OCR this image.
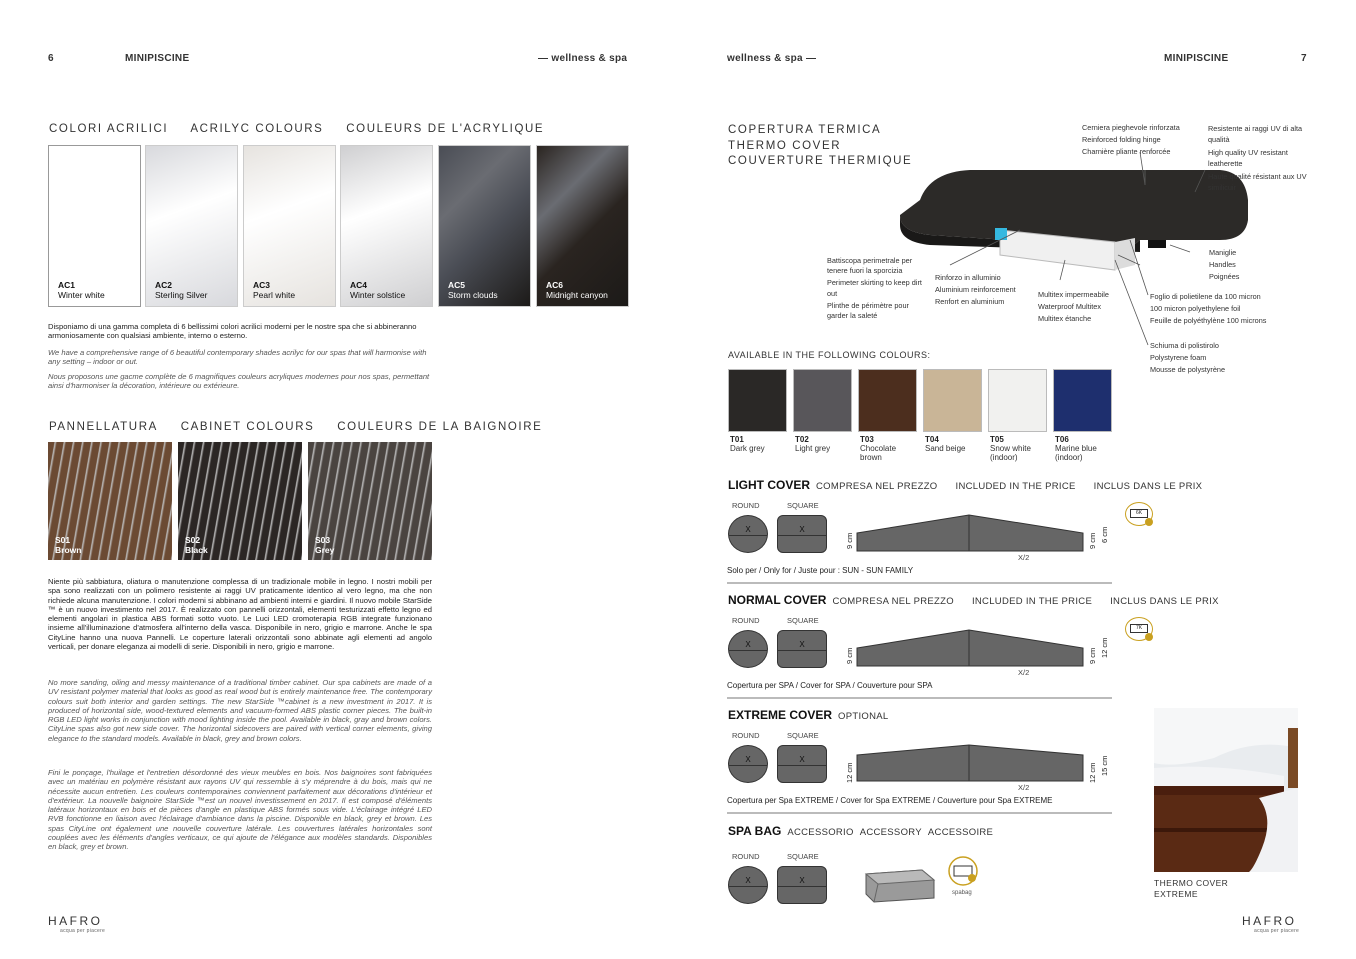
6	MINIPISCINE	— wellness & spa
COLORI ACRILICI ACRILYC COLOURS COULEURS DE L'ACRYLIQUE
AC1
Winter white
AC2
Sterling Silver
AC3
Pearl white
AC4
Winter solstice
AC5
Storm clouds
AC6
Midnight canyon
Disponiamo di una gamma completa di 6 bellissimi colori acrilici moderni per le nostre spa che si abbineranno armoniosamente con qualsiasi ambiente, interno o esterno.
We have a comprehensive range of 6 beautiful contemporary shades acrilyc for our spas that will harmonise with any setting – indoor or out.
Nous proposons une gacme complète de 6 magnifiques couleurs acryliques modernes pour nos spas, permettant ainsi d'harmoniser la décoration, intérieure ou extérieure.
PANNELLATURA CABINET COLOURS COULEURS DE LA BAIGNOIRE
S01
Brown
S02
Black
S03
Grey
Niente più sabbiatura, oliatura o manutenzione complessa di un tradizionale mobile in legno. I nostri mobili per spa sono realizzati con un polimero resistente ai raggi UV praticamente identico al vero legno, ma che non richiede alcuna manutenzione. I colori moderni si abbinano ad ambienti interni e giardini. Il nuovo mobile StarSide ™ è un nuovo investimento nel 2017. È realizzato con pannelli orizzontali, elementi testurizzati effetto legno ed elementi angolari in plastica ABS formati sotto vuoto. Le Luci LED cromoterapia RGB integrate funzionano insieme all'illuminazione d'atmosfera all'interno della vasca. Disponibile in nero, grigio e marrone. Anche le spa CityLine hanno una nuova Pannelli. Le coperture laterali orizzontali sono abbinate agli elementi ad angolo verticali, per donare eleganza ai modelli di serie. Disponibili in nero, grigio e marrone.
No more sanding, oiling and messy maintenance of a traditional timber cabinet. Our spa cabinets are made of a UV resistant polymer material that looks as good as real wood but is entirely maintenance free. The contemporary colours suit both interior and garden settings. The new StarSide ™cabinet is a new investment in 2017. It is produced of horizontal side, wood-textured elements and vacuum-formed ABS plastic corner pieces. The built-in RGB LED light works in conjunction with mood lighting inside the pool. Available in black, gray and brown colors. CityLine spas also got new side cover. The horizontal sidecovers are paired with vertical corner elements, giving elegance to the standard models. Available in black, grey and brown colors.
Fini le ponçage, l'huilage et l'entretien désordonné des vieux meubles en bois. Nos baignoires sont fabriquées avec un matériau en polymère résistant aux rayons UV qui ressemble à s'y méprendre à du bois, mais qui ne nécessite aucun entretien. Les couleurs contemporaines conviennent parfaitement aux décorations d'intérieur et d'extérieur. La nouvelle baignoire StarSide ™est un nouvel investissement en 2017. Il est composé d'éléments latéraux horizontaux en bois et de pièces d'angle en plastique ABS formés sous vide. L'éclairage intégré LED RVB fonctionne en liaison avec l'éclairage d'ambiance dans la piscine. Disponible en black, grey et brown. Les spas CityLine ont également une nouvelle couverture latérale. Les couvertures latérales horizontales sont couplées avec les éléments d'angles verticaux, ce qui ajoute de l'élégance aux modèles standards. Disponibles en black, grey et brown.
HAFRO
acqua per piacere
wellness & spa —	MINIPISCINE	7
COPERTURA TERMICA
THERMO COVER
COUVERTURE THERMIQUE
Cerniera pieghevole rinforzata
Reinforced folding hinge
Charnière pliante renforcée
Resistente ai raggi UV di alta qualità
High quality UV resistant leatherette
Haute qualité résistant aux UV similicuir
Battiscopa perimetrale per tenere fuori la sporcizia
Perimeter skirting to keep dirt out
Plinthe de périmètre pour garder la saleté
Rinforzo in alluminio
Aluminium reinforcement
Renfort en aluminium
Multitex impermeabile
Waterproof Multitex
Multitex étanche
Maniglie
Handles
Poignées
Foglio di polietilene da 100 micron
100 micron polyethylene foil
Feuille de polyéthylène 100 microns
Schiuma di polistirolo
Polystyrene foam
Mousse de polystyrène
AVAILABLE IN THE FOLLOWING COLOURS:
T01
Dark grey
T02
Light grey
T03
Chocolate brown
T04
Sand beige
T05
Snow white (indoor)
T06
Marine blue (indoor)
LIGHT COVER COMPRESA NEL PREZZO INCLUDED IN THE PRICE INCLUS DANS LE PRIX
ROUND	SQUARE
X	X
9 cm	9 cm 6 cm
X/2
Solo per / Only for / Juste pour : SUN - SUN FAMILY
6K
NORMAL COVER COMPRESA NEL PREZZO INCLUDED IN THE PRICE INCLUS DANS LE PRIX
ROUND	SQUARE
X	X
9 cm	9 cm 12 cm
X/2
Copertura per SPA / Cover for SPA / Couverture pour SPA
7K
EXTREME COVER OPTIONAL
ROUND	SQUARE
X	X
12 cm	12 cm 15 cm
X/2
Copertura per Spa EXTREME / Cover for Spa EXTREME / Couverture pour Spa EXTREME
SPA BAG ACCESSORIO ACCESSORY ACCESSOIRE
ROUND	SQUARE
X	X
spabag
THERMO COVER
EXTREME
HAFRO
acqua per piacere
